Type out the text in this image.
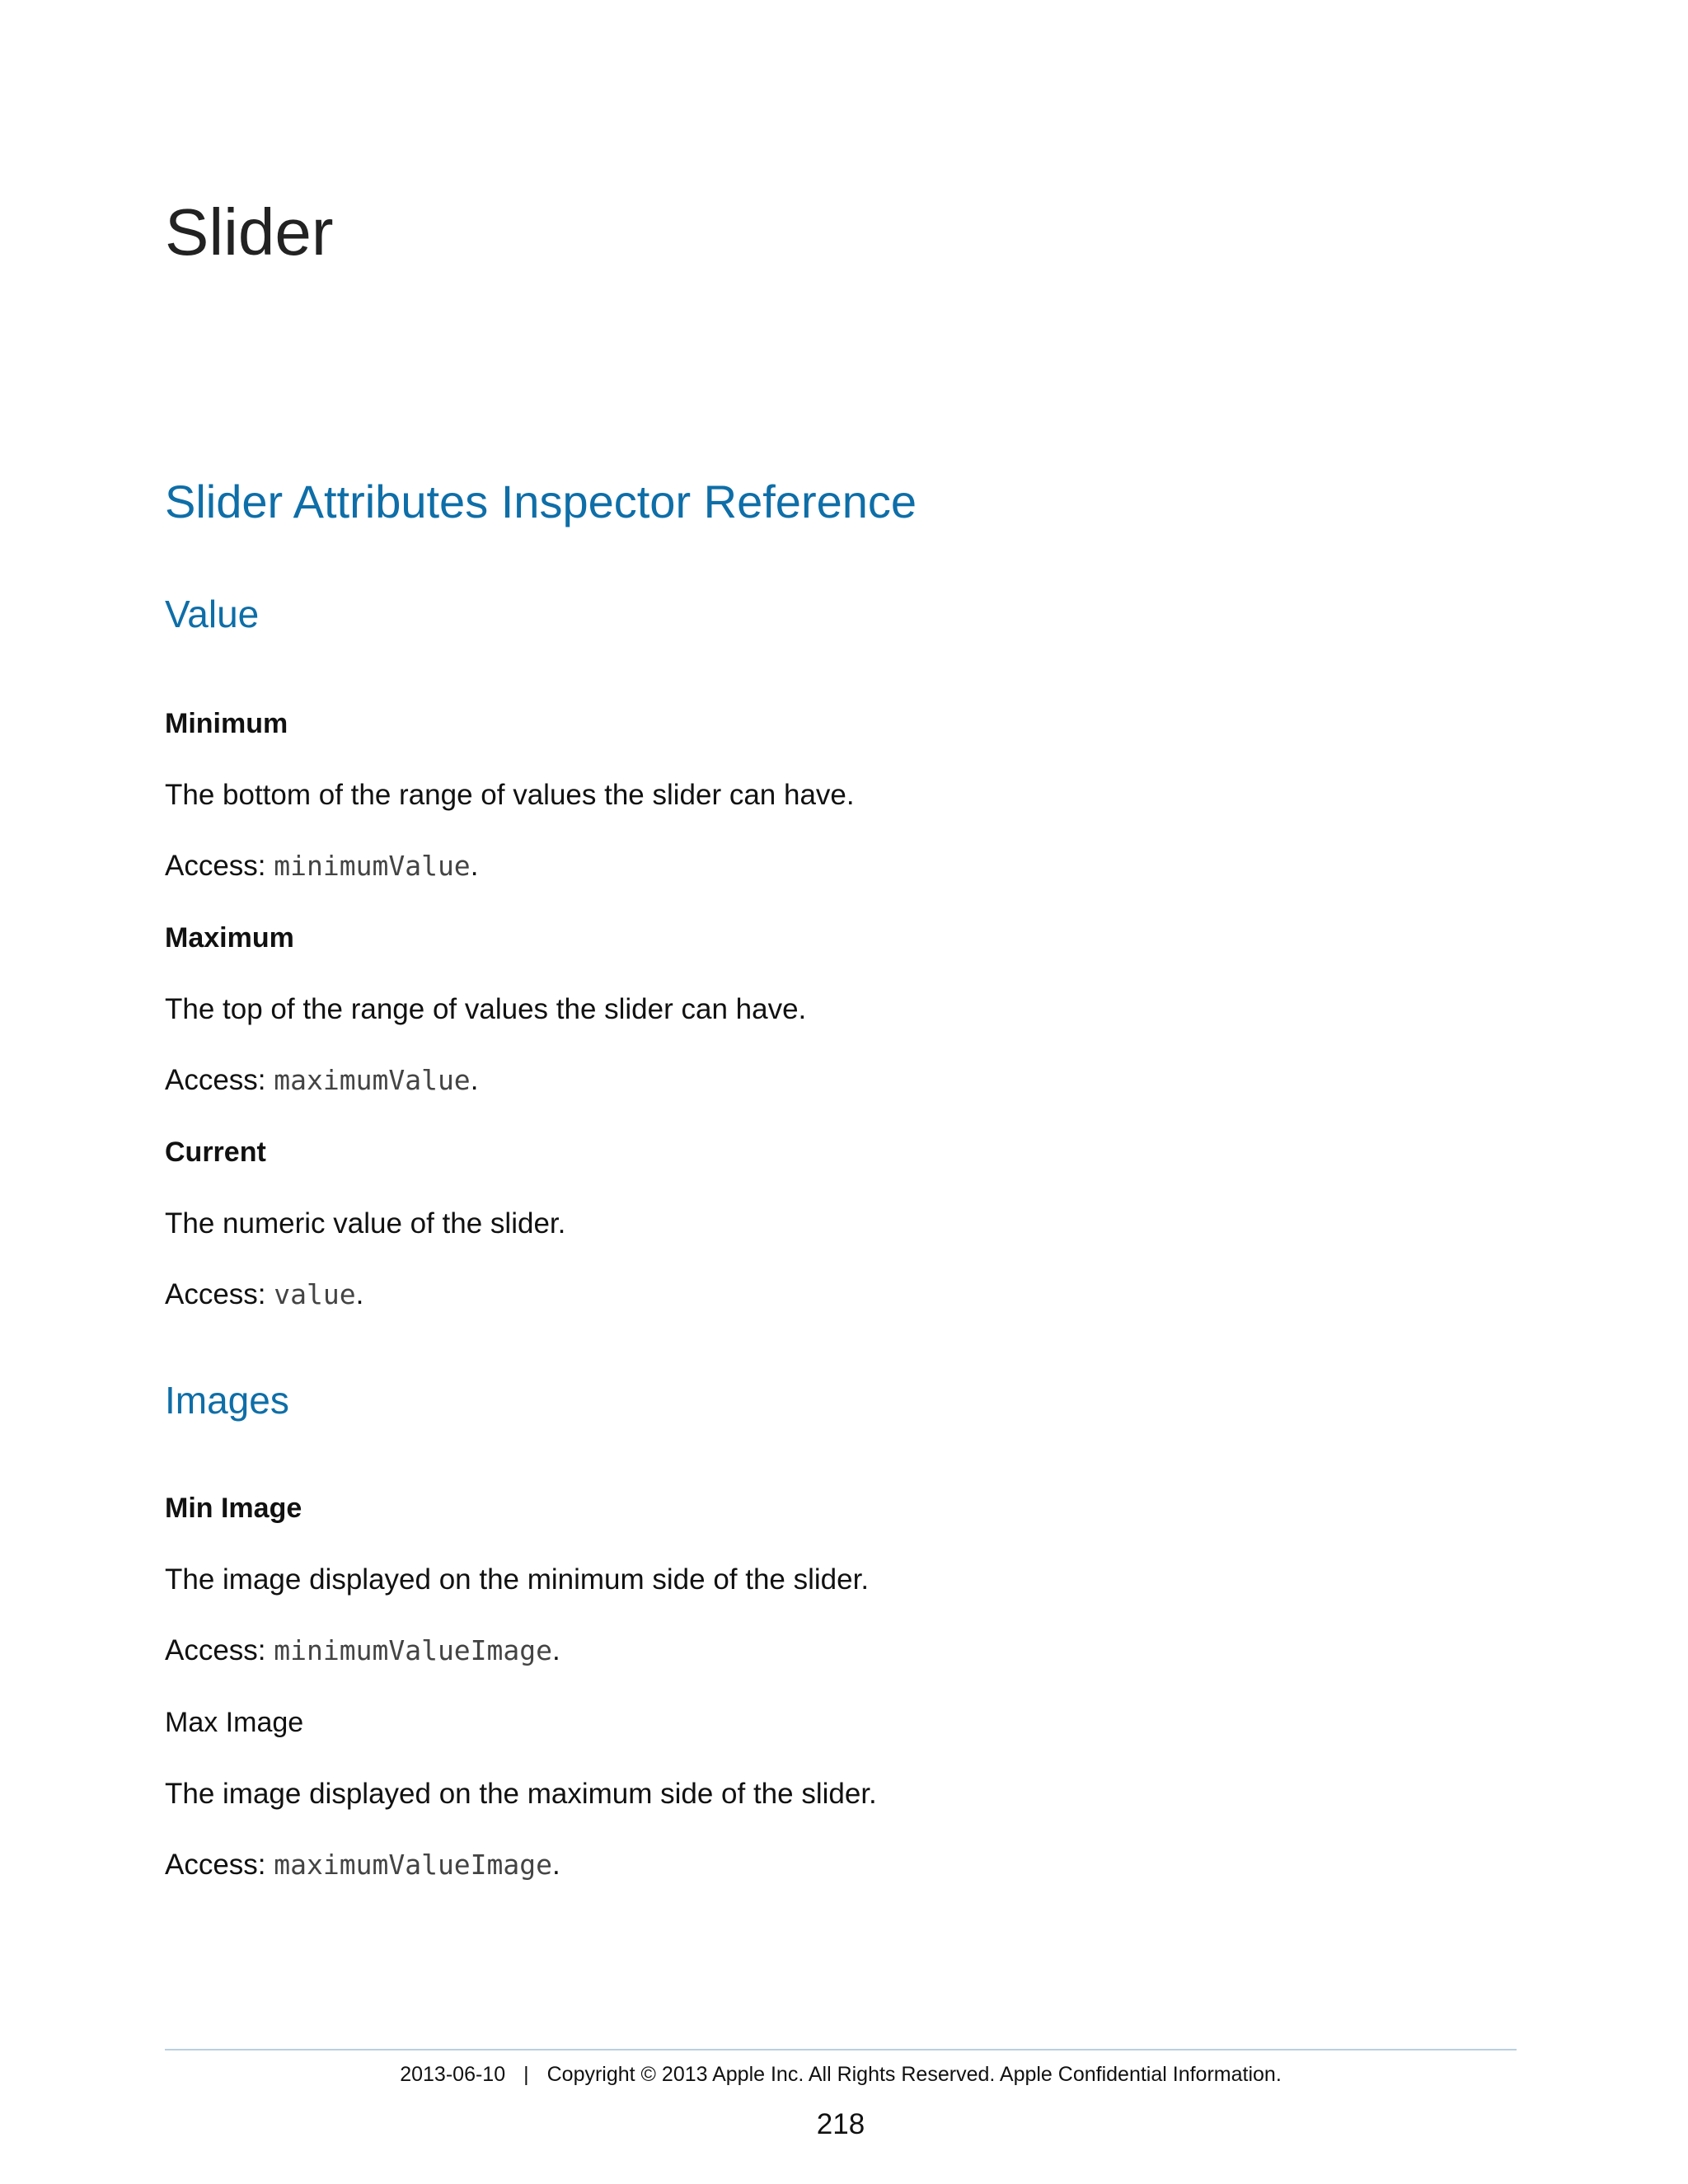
Slider
Slider Attributes Inspector Reference
Value
Minimum

The bottom of the range of values the slider can have.

Access: minimumValue.

Maximum

The top of the range of values the slider can have.

Access: maximumValue.

Current

The numeric value of the slider.

Access: value.

Images
Min Image

The image displayed on the minimum side of the slider.

Access: minimumValueImage.

Max Image

The image displayed on the maximum side of the slider.

Access: maximumValueImage.

2013-06-10 | Copyright © 2013 Apple Inc. All Rights Reserved. Apple Confidential Information.
218
